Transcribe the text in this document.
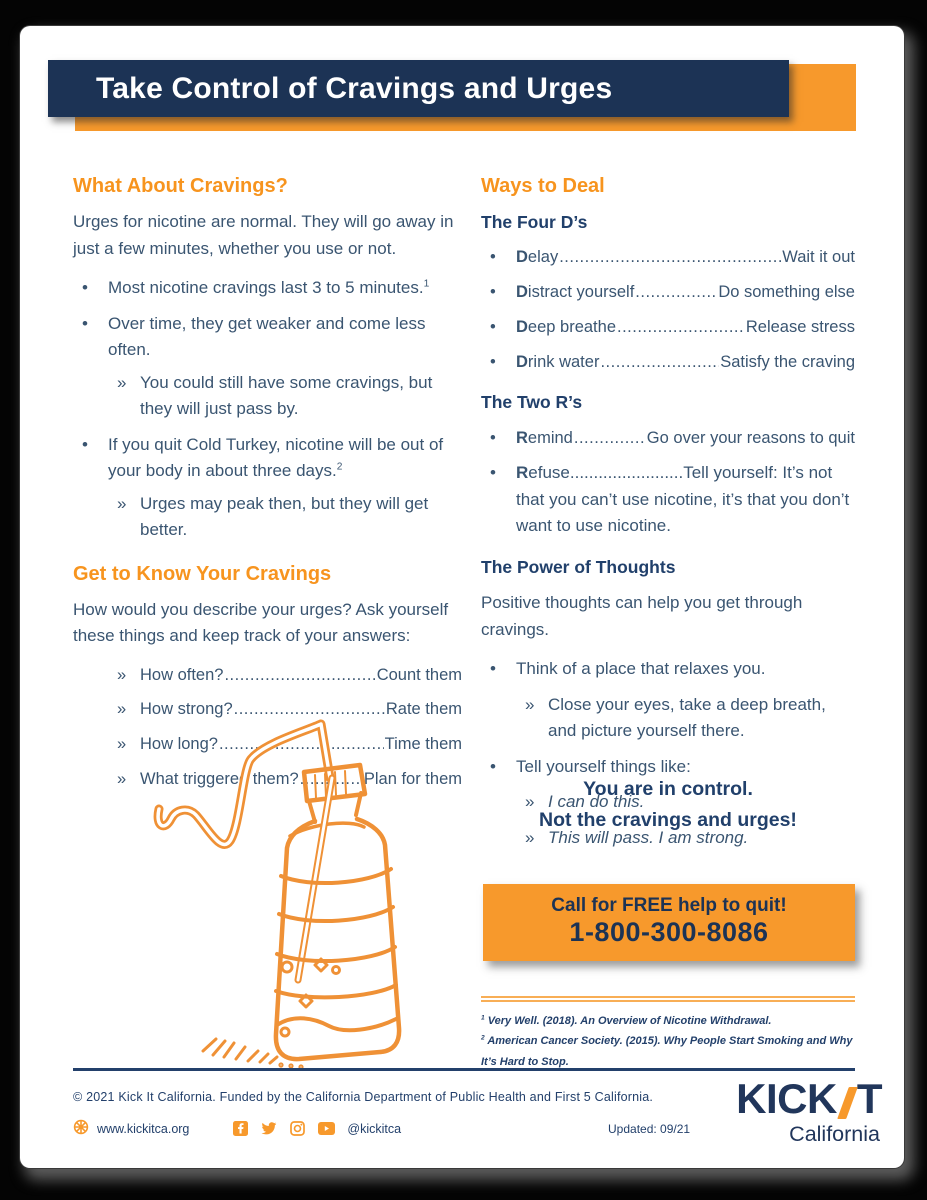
Take Control of Cravings and Urges
What About Cravings?

Urges for nicotine are normal. They will go away in just a few minutes, whether you use or not.

• Most nicotine cravings last 3 to 5 minutes.$^1$
• Over time, they get weaker and come less often.
» You could still have some cravings, but they will just pass by.
• If you quit Cold Turkey, nicotine will be out of your body in about three days.$^2$
» Urges may peak then, but they will get better.
Get to Know Your Cravings

How would you describe your urges? Ask yourself these things and keep track of your answers:

» How often? .....	Count them
» How strong? .....	Rate them
» How long? .....	Time them
» What triggered them? .....	Plan for them
Ways to Deal
The Four D’s
• Delay .....	Wait it out
• Distract yourself .....	Do something else
• Deep breathe .....	Release stress
• Drink water .....	Satisfy the craving
The Two R’s
• Remind .....	Go over your reasons to quit
• Refuse........................Tell yourself: It’s not that you can’t use nicotine, it’s that you don’t want to use nicotine.
The Power of Thoughts

Positive thoughts can help you get through cravings.

• Think of a place that relaxes you.
» Close your eyes, take a deep breath, and picture yourself there.
• Tell yourself things like:
» I can do this.
» This will pass. I am strong.
You are in control.
Not the cravings and urges!
Call for FREE help to quit!
1-800-300-8086
$^1$ Very Well. (2018). An Overview of Nicotine Withdrawal.
$^2$ American Cancer Society. (2015). Why People Start Smoking and Why It’s Hard to Stop.
© 2021 Kick It California. Funded by the California Department of Public Health and First 5 California.
www.kickitca.org	@kickitca	Updated: 09/21
KICK T
California
